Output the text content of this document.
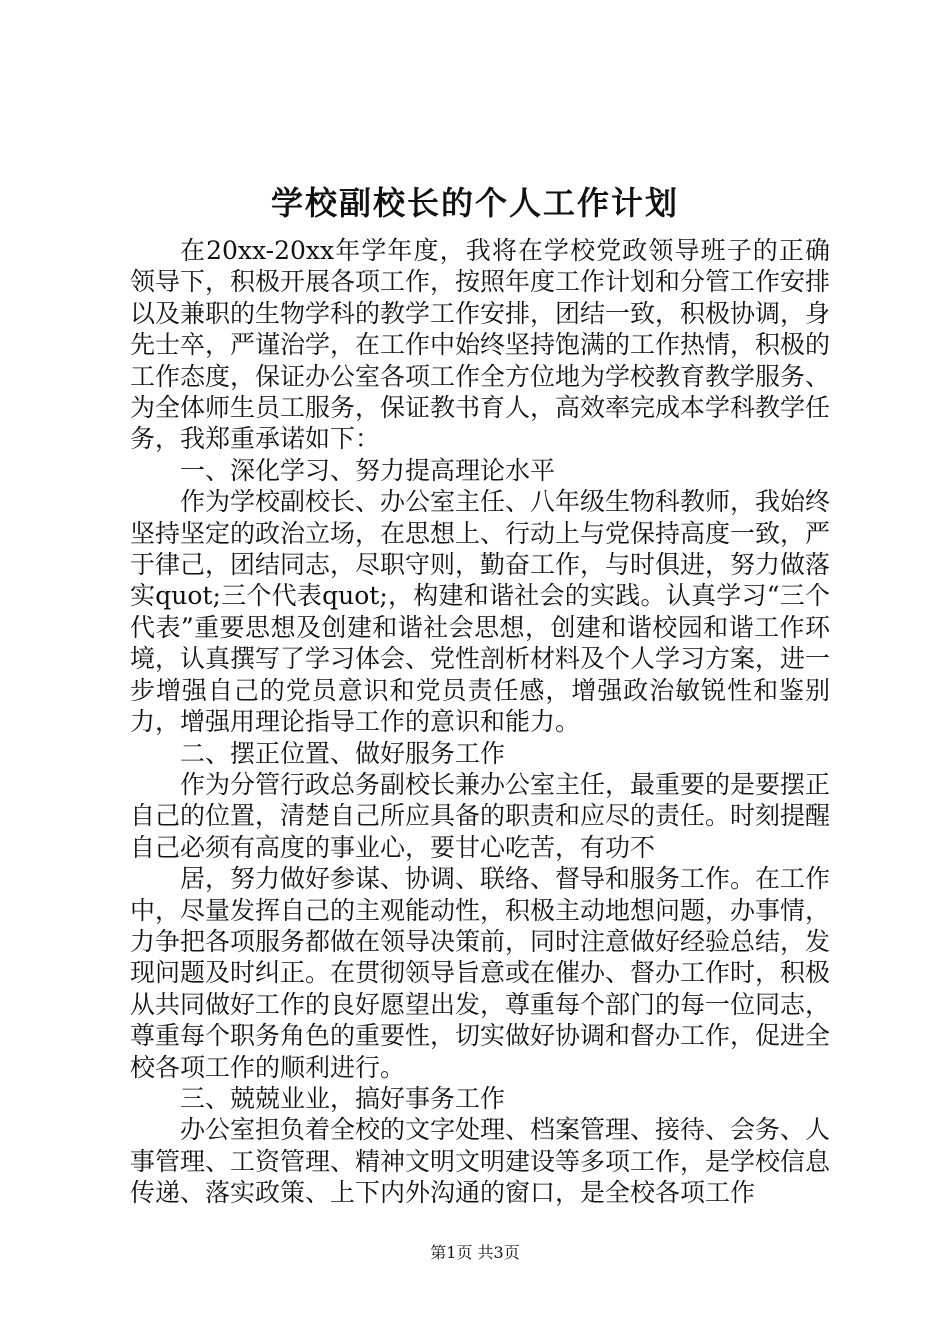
学校副校长的个人工作计划

在20xx-20xx年学年度，我将在学校党政领导班子的正确领导下，积极开展各项工作，按照年度工作计划和分管工作安排以及兼职的生物学科的教学工作安排，团结一致，积极协调，身先士卒，严谨治学，在工作中始终坚持饱满的工作热情，积极的工作态度，保证办公室各项工作全方位地为学校教育教学服务、为全体师生员工服务，保证教书育人，高效率完成本学科教学任务，我郑重承诺如下：

一、深化学习、努力提高理论水平

作为学校副校长、办公室主任、八年级生物科教师，我始终坚持坚定的政治立场，在思想上、行动上与党保持高度一致，严于律己，团结同志，尽职守则，勤奋工作，与时俱进，努力做落实quot;三个代表quot;，构建和谐社会的实践。认真学习“三个代表”重要思想及创建和谐社会思想，创建和谐校园和谐工作环境，认真撰写了学习体会、党性剖析材料及个人学习方案，进一步增强自己的党员意识和党员责任感，增强政治敏锐性和鉴别力，增强用理论指导工作的意识和能力。

二、摆正位置、做好服务工作

作为分管行政总务副校长兼办公室主任，最重要的是要摆正自己的位置，清楚自己所应具备的职责和应尽的责任。时刻提醒自己必须有高度的事业心，要甘心吃苦，有功不

居，努力做好参谋、协调、联络、督导和服务工作。在工作中，尽量发挥自己的主观能动性，积极主动地想问题，办事情，力争把各项服务都做在领导决策前，同时注意做好经验总结，发现问题及时纠正。在贯彻领导旨意或在催办、督办工作时，积极从共同做好工作的良好愿望出发，尊重每个部门的每一位同志，尊重每个职务角色的重要性，切实做好协调和督办工作，促进全校各项工作的顺利进行。

三、兢兢业业，搞好事务工作

办公室担负着全校的文字处理、档案管理、接待、会务、人事管理、工资管理、精神文明文明建设等多项工作，是学校信息传递、落实政策、上下内外沟通的窗口，是全校各项工作

第1页 共3页
